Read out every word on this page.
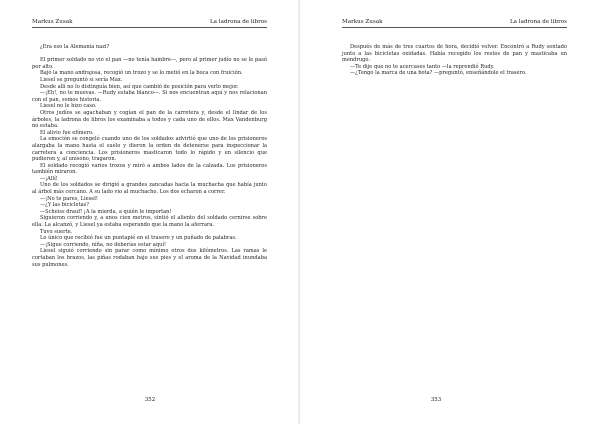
Markus Zusak	La ladrona de libros

¿Era eso la Alemania nazi?

El primer soldado no vio el pan —no tenía hambre—, pero al primer judío no se le pasó por alto.

Bajó la mano andrajosa, recogió un trozo y se lo metió en la boca con fruición.

Liesel se preguntó si sería Max.

Desde allí no lo distinguía bien, así que cambió de posición para verlo mejor.

—¡Eh!, no te muevas. —Rudy estaba blanco—. Si nos encuentran aquí y nos relacionan con el pan, somos historia.

Liesel no le hizo caso.

Otros judíos se agachaban y cogían el pan de la carretera y, desde el lindar de los árboles, la ladrona de libros los examinaba a todos y cada uno de ellos. Max Vandenburg no estaba.

El alivio fue efímero.

La emoción se congeló cuando uno de los soldados advirtió que uno de los prisioneros alargaba la mano hasta el suelo y dieron la orden de detenerse para inspeccionar la carretera a conciencia. Los prisioneros masticaron todo lo rápido y en silencio que pudieron y, al unísono, tragaron.

El soldado recogió varios trozos y miró a ambos lados de la calzada. Los prisioneros también miraron.

—¡Allí!

Uno de los soldados se dirigió a grandes zancadas hacia la muchacha que había junto al árbol más cercano. A su lado vio al muchacho. Los dos echaron a correr.

—¡No te pares, Liesel!

—¿Y las bicicletas?

—Scheiss drauf! ¡A la mierda, a quién le importan!

Siguieron corriendo y, a unos cien metros, sintió el aliento del soldado cernirse sobre ella. La alcanzó, y Liesel ya estaba esperando que la mano la aferrara.

Tuvo suerte.

Lo único que recibió fue un puntapié en el trasero y un puñado de palabras.

—¡Sigue corriendo, niña, no deberías estar aquí!

Liesel siguió corriendo sin parar como mínimo otros dos kilómetros. Las ramas le cortaban los brazos, las piñas rodaban bajo sus pies y el aroma de la Navidad inundaba sus pulmones.

352
Markus Zusak	La ladrona de libros

Después de más de tres cuartos de hora, decidió volver. Encontró a Rudy sentado junto a las bicicletas oxidadas. Había recogido los restos de pan y masticaba un mendrugo.

—Te dije que no te acercases tanto —la reprendió Rudy.

—¿Tengo la marca de una bota? —preguntó, enseñándole el trasero.

353
